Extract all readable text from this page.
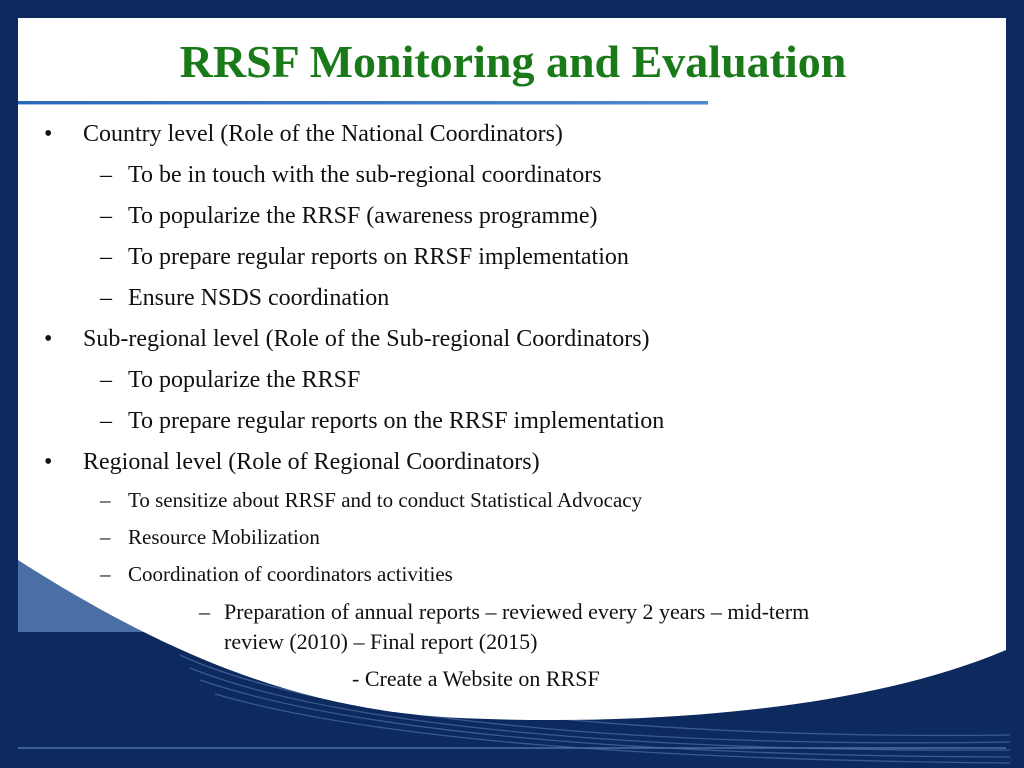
RRSF Monitoring and Evaluation
• Country level (Role of the National Coordinators)
– To be in touch with the sub-regional coordinators
– To popularize the RRSF (awareness programme)
– To prepare regular reports on RRSF implementation
– Ensure NSDS coordination
• Sub-regional level (Role of the Sub-regional Coordinators)
– To popularize the RRSF
– To prepare regular reports on the RRSF implementation
• Regional level (Role of Regional Coordinators)
– To sensitize about RRSF and to conduct Statistical Advocacy
– Resource Mobilization
– Coordination of coordinators activities
– Preparation of annual reports – reviewed every 2 years – mid-term
review (2010) – Final report (2015)
- Create a Website on RRSF
